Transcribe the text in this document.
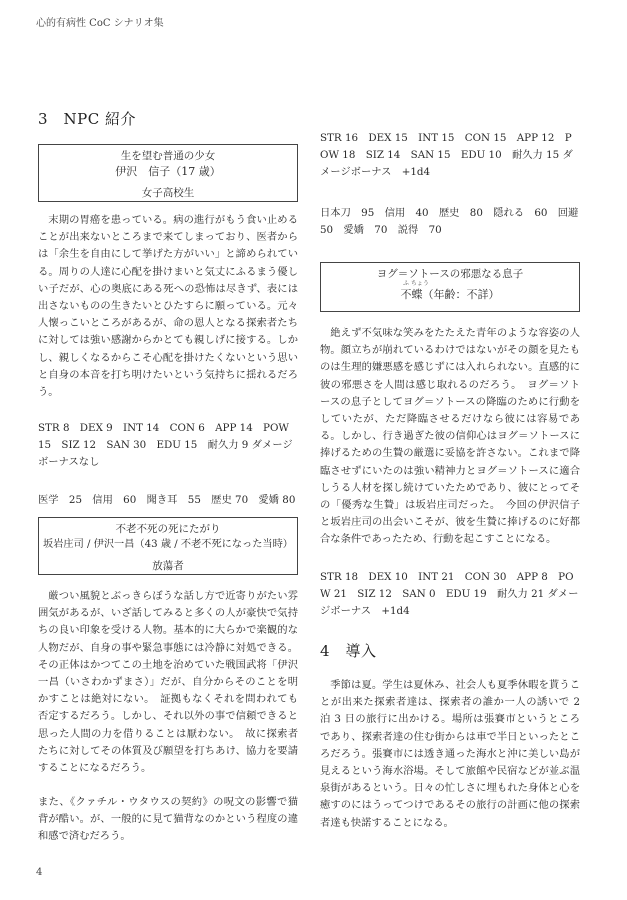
心的有病性 CoC シナリオ集
3　NPC 紹介
生を望む普通の少女
伊沢　信子（17 歳）
女子高校生

末期の胃癌を患っている。病の進行がもう食い止めることが出来ないところまで来てしまっており、医者からは「余生を自由にして挙げた方がいい」と諦められている。周りの人達に心配を掛けまいと気丈にふるまう優しい子だが、心の奥底にある死への恐怖は尽きず、表には出さないものの生きたいとひたすらに願っている。元々人懐っこいところがあるが、命の恩人となる探索者たちに対しては強い感謝からかとても親しげに接する。しかし、親しくなるからこそ心配を掛けたくないという思いと自身の本音を打ち明けたいという気持ちに揺れるだろう。

STR 8　DEX 9　INT 14　CON 6　APP 14　POW 15　SIZ 12　SAN 30　EDU 15　耐久力 9 ダメージボーナスなし

医学　25　信用　60　聞き耳　55　歴史 70　愛嬌 80

不老不死の死にたがり
坂岩庄司 / 伊沢一昌（43 歳 / 不老不死になった当時）
放蕩者

厳つい風貌とぶっきらぼうな話し方で近寄りがたい雰囲気があるが、いざ話してみると多くの人が豪快で気持ちの良い印象を受ける人物。基本的に大らかで楽観的な人物だが、自身の事や緊急事態には冷静に対処できる。その正体はかつてこの土地を治めていた戦国武将「伊沢一昌（いさわかずまさ）」だが、自分からそのことを明かすことは絶対にない。　証拠もなくそれを問われても否定するだろう。しかし、それ以外の事で信頼できると思った人間の力を借りることは厭わない。　故に探索者たちに対してその体質及び願望を打ちあけ、協力を要請することになるだろう。

また、《クァチル・ウタウスの契約》の呪文の影響で猫背が酷い。が、一般的に見て猫背なのかという程度の違和感で済むだろう。

STR 16　DEX 15　INT 15　CON 15　APP 12　POW 18　SIZ 14　SAN 15　EDU 10　耐久力 15 ダメージボーナス　+1d4

日本刀　95　信用　40　歴史　80　隠れる　60　回避 50　愛嬌　70　説得　70

ヨグ＝ソトースの邪悪なる息子
ふ ちょう
不蝶（年齢：不詳）

絶えず不気味な笑みをたたえた青年のような容姿の人物。顔立ちが崩れているわけではないがその顔を見たものは生理的嫌悪感を感じずには入れられない。直感的に彼の邪悪さを人間は感じ取れるのだろう。　ヨグ＝ソトースの息子としてヨグ＝ソトースの降臨のために行動をしていたが、ただ降臨させるだけなら彼には容易である。しかし、行き過ぎた彼の信仰心はヨグ＝ソトースに捧げるための生贄の厳選に妥協を許さない。これまで降臨させずにいたのは強い精神力とヨグ＝ソトースに適合しうる人材を探し続けていたためであり、彼にとってその「優秀な生贄」は坂岩庄司だった。　今回の伊沢信子と坂岩庄司の出会いこそが、彼を生贄に捧げるのに好都合な条件であったため、行動を起こすことになる。

STR 18　DEX 10　INT 21　CON 30　APP 8　POW 21　SIZ 12　SAN 0　EDU 19　耐久力 21 ダメージボーナス　+1d4

4　導入

季節は夏。学生は夏休み、社会人も夏季休暇を貰うことが出来た探索者達は、探索者の誰か一人の誘いで 2 泊 3 日の旅行に出かける。場所は張賽市というところであり、探索者達の住む街からは車で半日といったところだろう。張賽市には透き通った海水と沖に美しい島が見えるという海水浴場。そして旅館や民宿などが並ぶ温泉街があるという。日々の忙しさに埋もれた身体と心を癒すのにはうってつけであるその旅行の計画に他の探索者達も快諾することになる。

4
